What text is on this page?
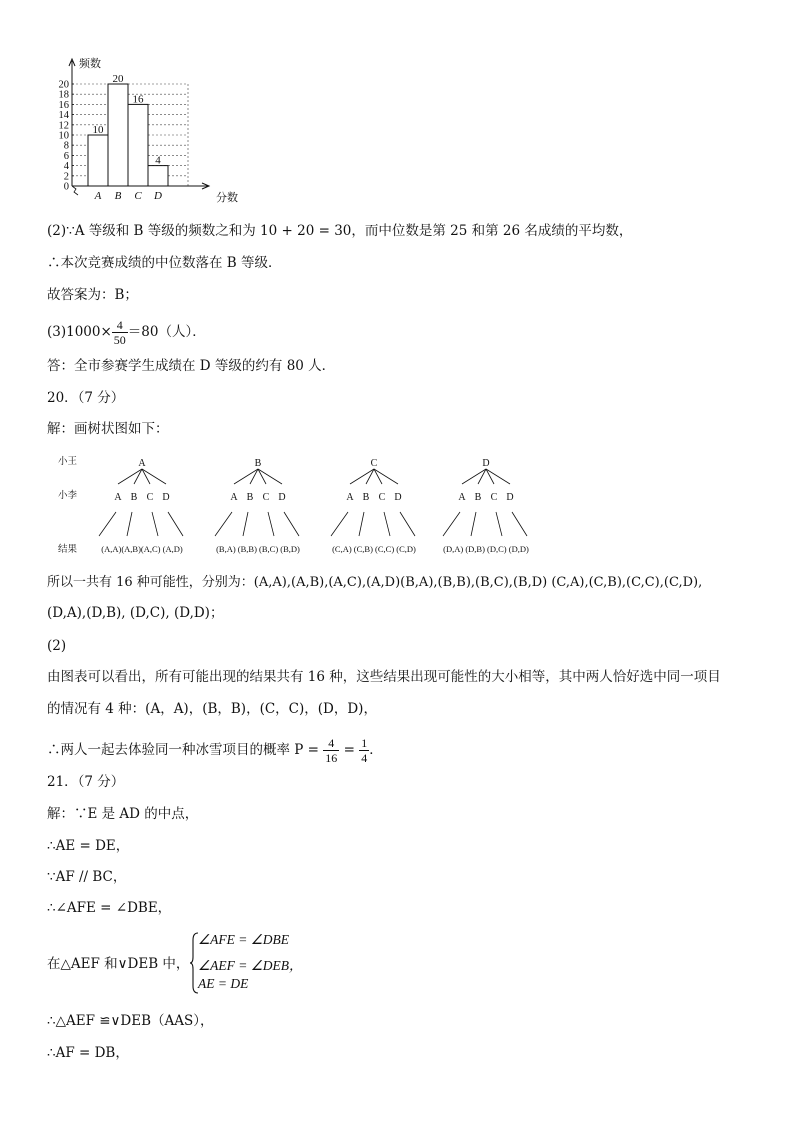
0
2
4
6
8
10
12
14
16
18
20
频数
分数
10
A
20
B
16
C
4
D
(2)∵A 等级和 B 等级的频数之和为 10 + 20 = 30，而中位数是第 25 和第 26 名成绩的平均数，
∴本次竞赛成绩的中位数落在 B 等级．
故答案为：B；
$(3)1000\times \frac{4}{50} =80$（人）．
答：全市参赛学生成绩在 D 等级的约有 80 人．
20．（7 分）
解：画树状图如下：
小王
小李
结果
A
A B C D
(A,A)(A,B)(A,C) (A,D)
B
A B C D
(B,A) (B,B) (B,C) (B,D)
C
A B C D
(C,A) (C,B) (C,C) (C,D)
D
A B C D
(D,A) (D,B) (D,C) (D,D)
所以一共有 16 种可能性，分别为：(A,A),(A,B),(A,C),(A,D)(B,A),(B,B),(B,C),(B,D) (C,A),(C,B),(C,C),(C,D),
(D,A),(D,B), (D,C), (D,D)；
(2)
由图表可以看出，所有可能出现的结果共有 16 种，这些结果出现可能性的大小相等，其中两人恰好选中同一项目
的情况有 4 种：(A，A)，(B，B)，(C，C)，(D，D)，
∴两人一起去体验同一种冰雪项目的概率 $P = \frac{4}{16} = \frac{1}{4}$ ．
21．（7 分）
解：∵E 是 AD 的中点，
∴AE = DE，
∵AF // BC，
∴∠AFE = ∠DBE，
在△AEF 和∨DEB 中，
∠AFE = ∠DBE
∠AEF = ∠DEB，
AE = DE
∴△AEF ≌∨DEB（AAS），
∴AF = DB，
